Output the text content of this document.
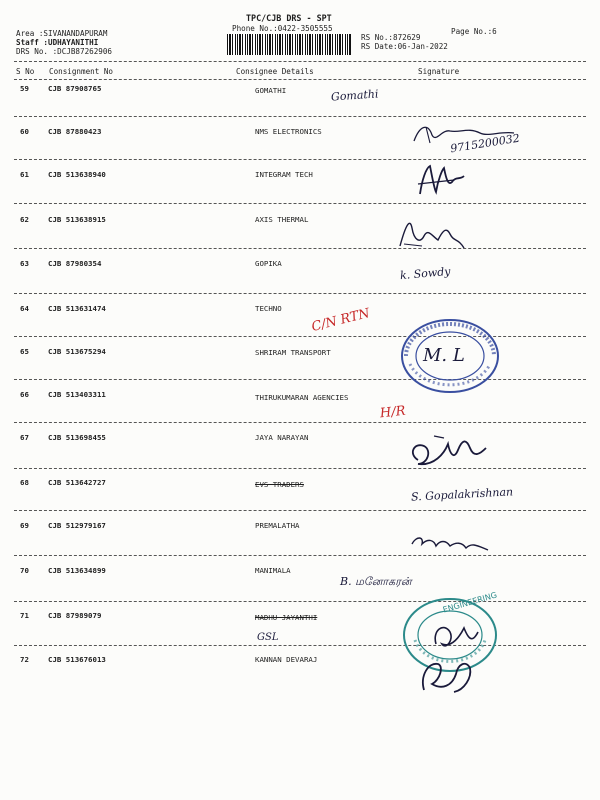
TPC/CJB DRS - SPT
Phone No.:0422-3505555	Page No.:6
Area :SIVANANDAPURAM
Staff :UDHAYANITHI
DRS No. :DCJB87262906
RS No.:872629
RS Date:06-Jan-2022
S No Consignment No	Consignee Details	Signature
59	CJB 87908765	GOMATHI
60	CJB 87880423	NMS ELECTRONICS
61	CJB 513638940	INTEGRAM TECH
62	CJB 513638915	AXIS THERMAL
63	CJB 87980354	GOPIKA
64	CJB 513631474	TECHNO
65	CJB 513675294	SHRIRAM TRANSPORT
66	CJB 513403311	THIRUKUMARAN AGENCIES
67	CJB 513698455	JAYA NARAYAN
68	CJB 513642727	EVS TRADERS
69	CJB 512979167	PREMALATHA
70	CJB 513634899	MANIMALA
71	CJB 87989079	MADHU JAYANTHI
72	CJB 513676013	KANNAN DEVARAJ
Gomathi
9715200032
k. Sowdy
C/N RTN
M. L
H/R
S. Gopalakrishnan
B. மனோகரன்
ENGINEERING
GSL
